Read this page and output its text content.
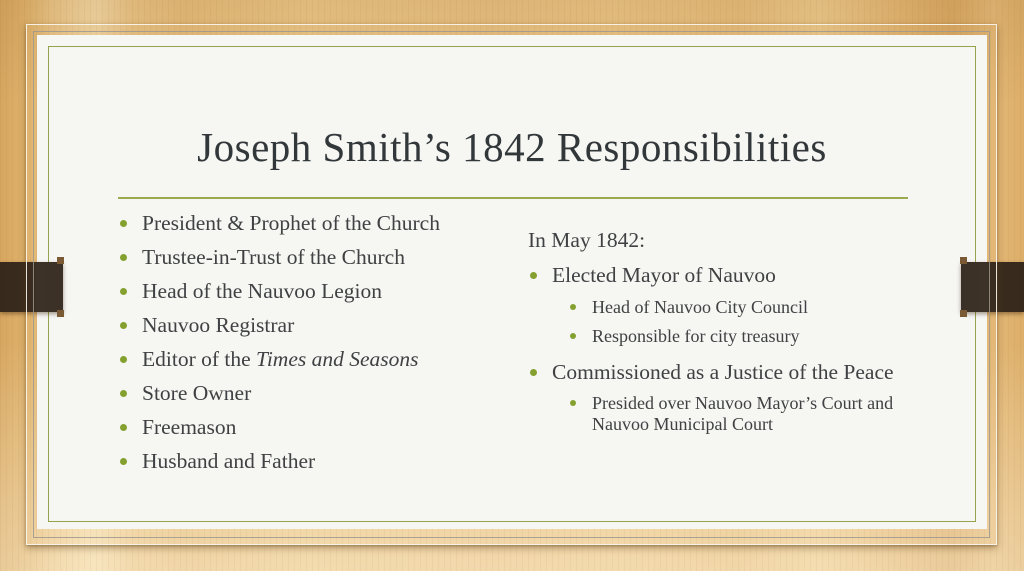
Joseph Smith’s 1842 Responsibilities
President & Prophet of the Church
Trustee-in-Trust of the Church
Head of the Nauvoo Legion
Nauvoo Registrar
Editor of the Times and Seasons
Store Owner
Freemason
Husband and Father

In May 1842:

Elected Mayor of Nauvoo
Head of Nauvoo City Council
Responsible for city treasury
Commissioned as a Justice of the Peace
Presided over Nauvoo Mayor’s Court and Nauvoo Municipal Court
